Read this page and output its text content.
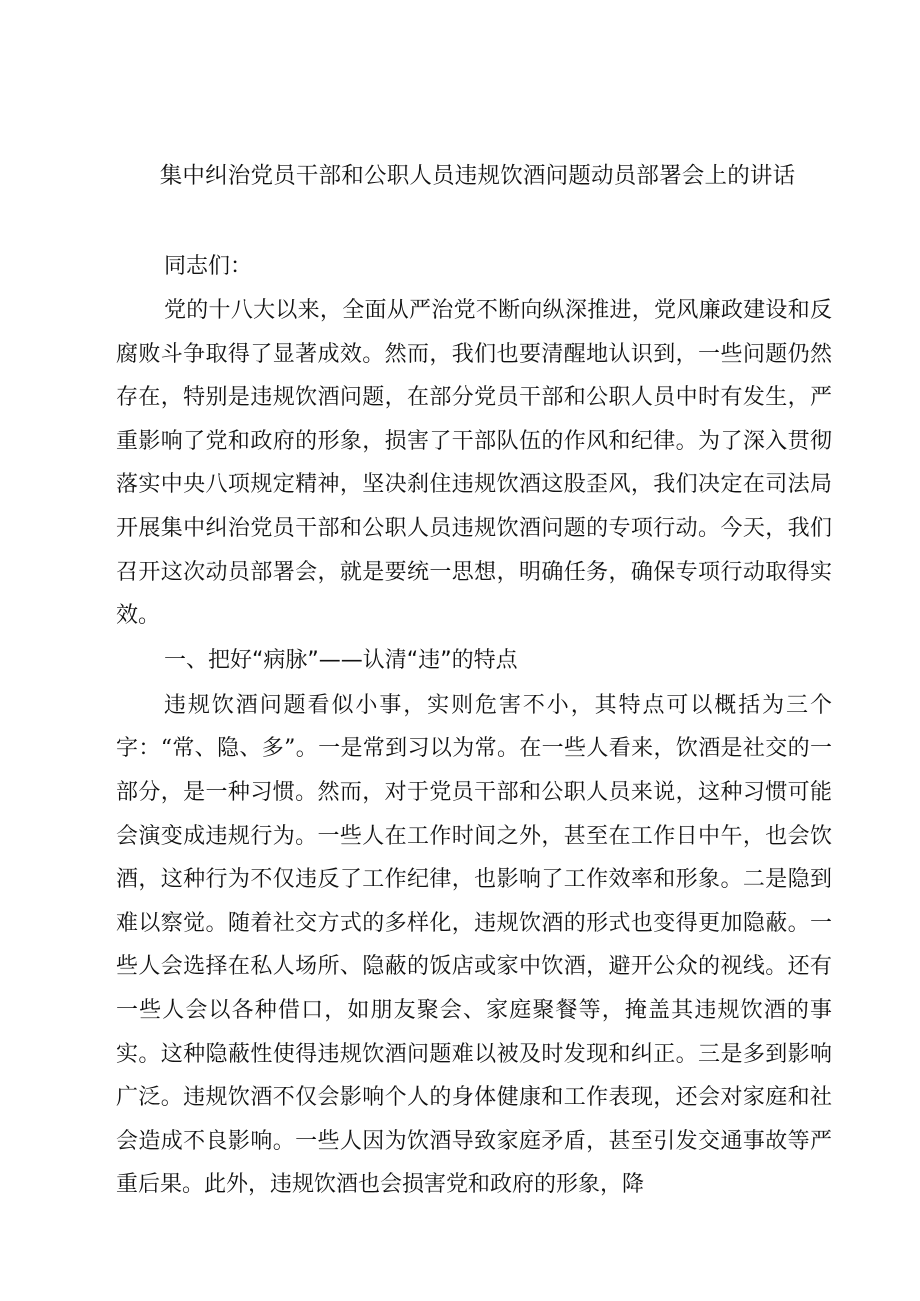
集中纠治党员干部和公职人员违规饮酒问题动员部署会上的讲话

同志们：

党的十八大以来，全面从严治党不断向纵深推进，党风廉政建设和反腐败斗争取得了显著成效。然而，我们也要清醒地认识到，一些问题仍然存在，特别是违规饮酒问题，在部分党员干部和公职人员中时有发生，严重影响了党和政府的形象，损害了干部队伍的作风和纪律。为了深入贯彻落实中央八项规定精神，坚决刹住违规饮酒这股歪风，我们决定在司法局开展集中纠治党员干部和公职人员违规饮酒问题的专项行动。今天，我们召开这次动员部署会，就是要统一思想，明确任务，确保专项行动取得实效。

一、把好“病脉”——认清“违”的特点

违规饮酒问题看似小事，实则危害不小，其特点可以概括为三个字：“常、隐、多”。一是常到习以为常。在一些人看来，饮酒是社交的一部分，是一种习惯。然而，对于党员干部和公职人员来说，这种习惯可能会演变成违规行为。一些人在工作时间之外，甚至在工作日中午，也会饮酒，这种行为不仅违反了工作纪律，也影响了工作效率和形象。二是隐到难以察觉。随着社交方式的多样化，违规饮酒的形式也变得更加隐蔽。一些人会选择在私人场所、隐蔽的饭店或家中饮酒，避开公众的视线。还有一些人会以各种借口，如朋友聚会、家庭聚餐等，掩盖其违规饮酒的事实。这种隐蔽性使得违规饮酒问题难以被及时发现和纠正。三是多到影响广泛。违规饮酒不仅会影响个人的身体健康和工作表现，还会对家庭和社会造成不良影响。一些人因为饮酒导致家庭矛盾，甚至引发交通事故等严重后果。此外，违规饮酒也会损害党和政府的形象，降
